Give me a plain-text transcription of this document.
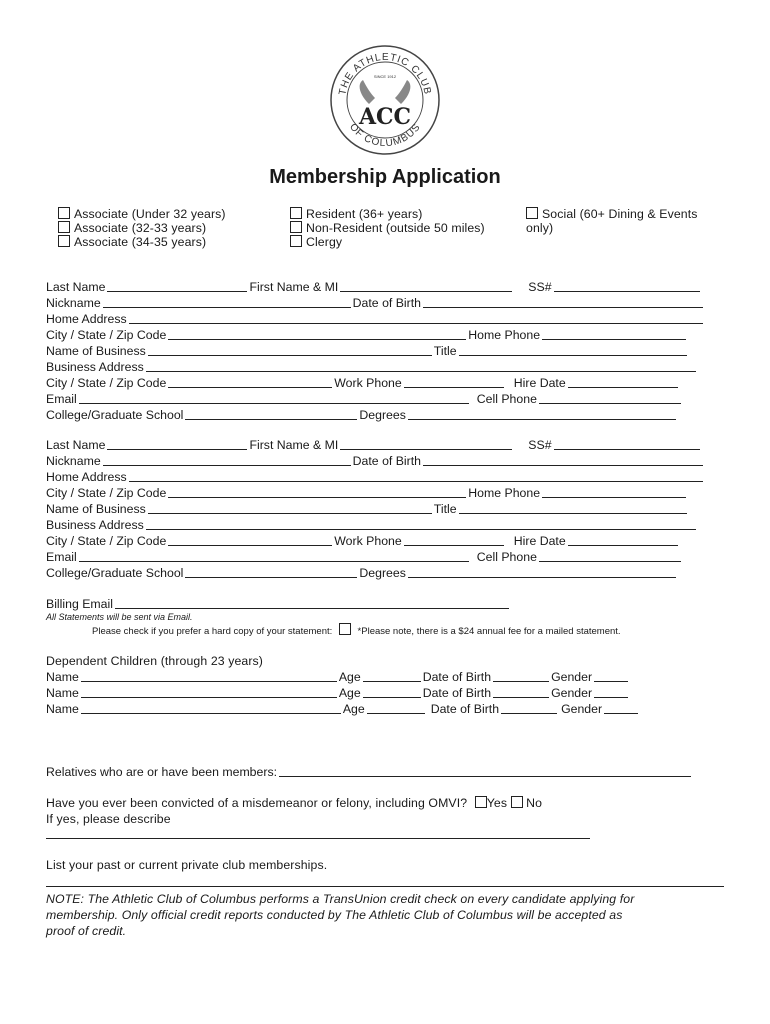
THE ATHLETIC CLUB
OF COLUMBUS
SINCE 1912
ACC
Membership Application
Associate (Under 32 years)
Associate (32-33 years)
Associate (34-35 years)
Resident (36+ years)
Non-Resident (outside 50 miles)
Clergy
Social (60+ Dining & Events
only)
Last Name	First Name & MI	SS#
Nickname	Date of Birth
Home Address
City / State / Zip Code	Home Phone
Name of Business	Title
Business Address
City / State / Zip Code	Work Phone	Hire Date
Email	Cell Phone
College/Graduate School	Degrees
Last Name	First Name & MI	SS#
Nickname	Date of Birth
Home Address
City / State / Zip Code	Home Phone
Name of Business	Title
Business Address
City / State / Zip Code	Work Phone	Hire Date
Email	Cell Phone
College/Graduate School	Degrees
Billing Email
All Statements will be sent via Email.
Please check if you prefer a hard copy of your statement:	*Please note, there is a $24 annual fee for a mailed statement.
Dependent Children (through 23 years)
Name	Age	Date of Birth	Gender
Name	Age	Date of Birth	Gender
Name	Age	Date of Birth	Gender
Relatives who are or have been members:
Have you ever been convicted of a misdemeanor or felony, including OMVI? Yes No
If yes, please describe
List your past or current private club memberships.
NOTE: The Athletic Club of Columbus performs a TransUnion credit check on every candidate applying for
membership. Only official credit reports conducted by The Athletic Club of Columbus will be accepted as
proof of credit.
